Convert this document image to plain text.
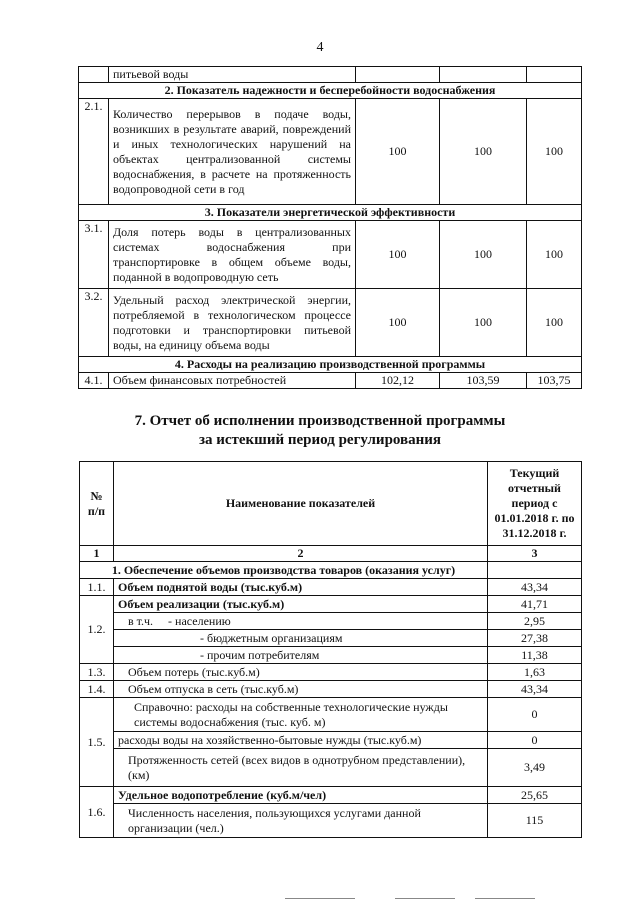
4
	питьевой воды			
2. Показатель надежности и бесперебойности водоснабжения				
2.1.	Количество перерывов в подаче воды, возникших в результате аварий, повреждений и иных технологических нарушений на объектах централизованной системы водоснабжения, в расчете на протяженность водопроводной сети в год	100	100	100
3. Показатели энергетической эффективности				
3.1.	Доля потерь воды в централизованных системах водоснабжения при транспортировке в общем объеме воды, поданной в водопроводную сеть	100	100	100
3.2.	Удельный расход электрической энергии, потребляемой в технологическом процессе подготовки и транспортировки питьевой воды, на единицу объема воды	100	100	100
4. Расходы на реализацию производственной программы				
4.1.	Объем финансовых потребностей	102,12	103,59	103,75
7. Отчет об исполнении производственной программы
за истекший период регулирования
№ п/п	Наименование показателей	Текущий отчетный период с 01.01.2018 г. по 31.12.2018 г.
1	2	3
1. Обеспечение объемов производства товаров (оказания услуг)		
1.1.	Объем поднятой воды (тыс.куб.м)	43,34
1.2.	Объем реализации (тыс.куб.м)	41,71
	в т.ч. - населению	2,95
	- бюджетным организациям	27,38
	- прочим потребителям	11,38
1.3.	Объем потерь (тыс.куб.м)	1,63
1.4.	Объем отпуска в сеть (тыс.куб.м)	43,34
1.5.	Справочно: расходы на собственные технологические нужды системы водоснабжения (тыс. куб. м)	0
	расходы воды на хозяйственно-бытовые нужды (тыс.куб.м)	0
	Протяженность сетей (всех видов в однотрубном представлении), (км)	3,49
1.6.	Удельное водопотребление (куб.м/чел)	25,65
	Численность населения, пользующихся услугами данной организации (чел.)	115
